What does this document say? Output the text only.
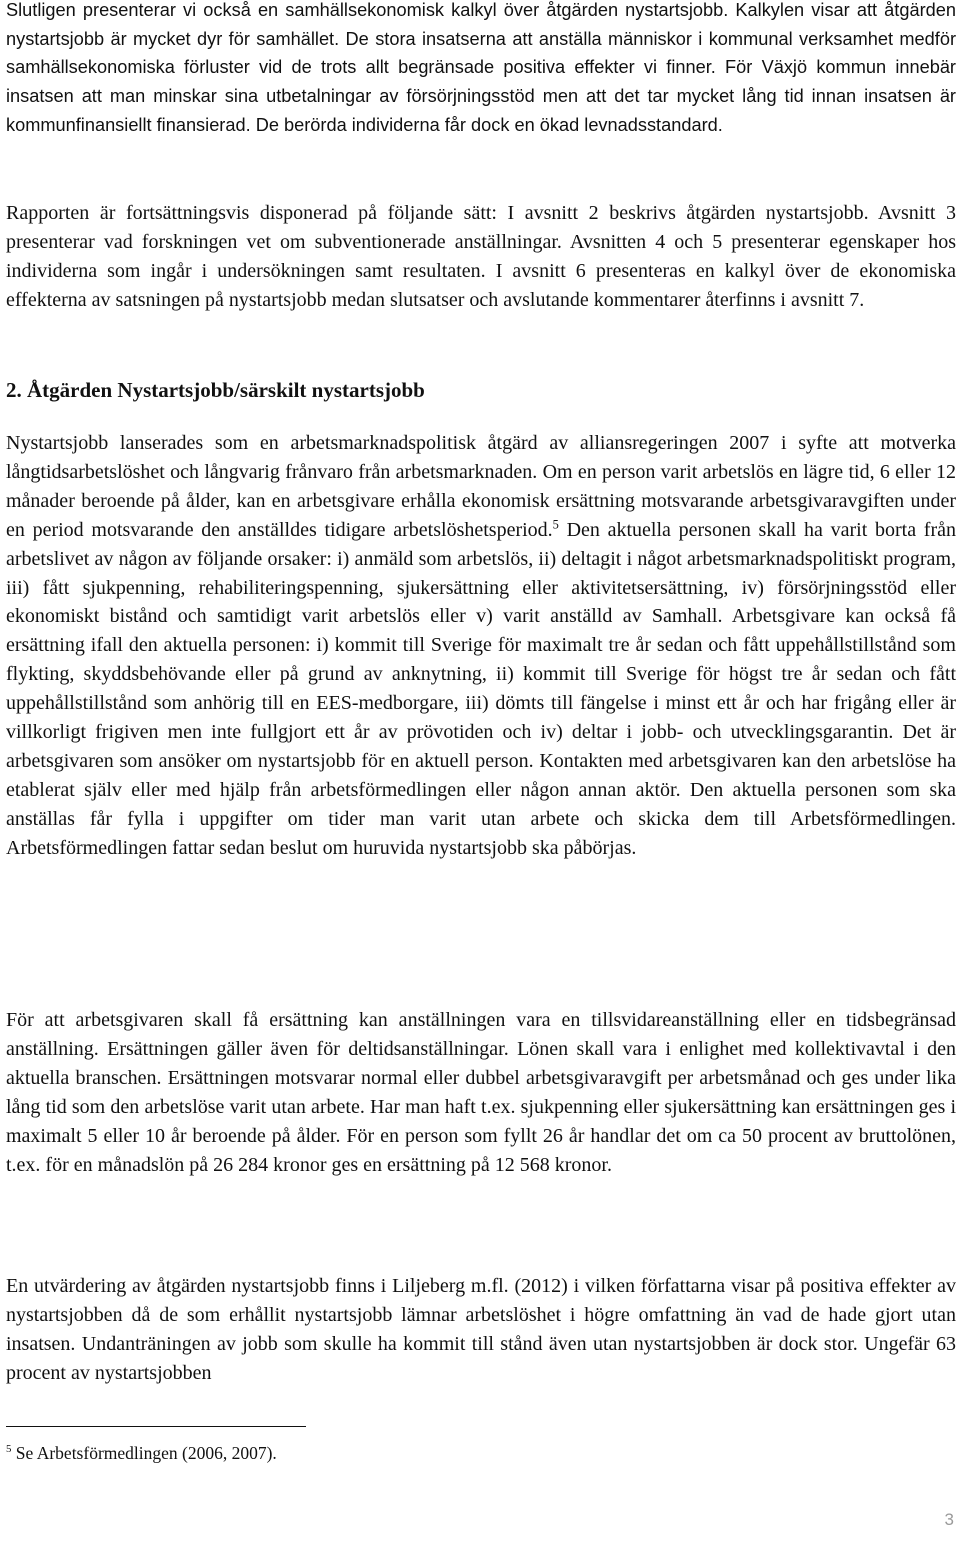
Slutligen presenterar vi också en samhällsekonomisk kalkyl över åtgärden nystartsjobb. Kalkylen visar att åtgärden nystartsjobb är mycket dyr för samhället. De stora insatserna att anställa människor i kommunal verksamhet medför samhällsekonomiska förluster vid de trots allt begränsade positiva effekter vi finner. För Växjö kommun innebär insatsen att man minskar sina utbetalningar av försörjningsstöd men att det tar mycket lång tid innan insatsen är kommunfinansiellt finansierad. De berörda individerna får dock en ökad levnadsstandard.

Rapporten är fortsättningsvis disponerad på följande sätt: I avsnitt 2 beskrivs åtgärden nystartsjobb. Avsnitt 3 presenterar vad forskningen vet om subventionerade anställningar. Avsnitten 4 och 5 presenterar egenskaper hos individerna som ingår i undersökningen samt resultaten. I avsnitt 6 presenteras en kalkyl över de ekonomiska effekterna av satsningen på nystartsjobb medan slutsatser och avslutande kommentarer återfinns i avsnitt 7.

2. Åtgärden Nystartsjobb/särskilt nystartsjobb

Nystartsjobb lanserades som en arbetsmarknadspolitisk åtgärd av alliansregeringen 2007 i syfte att motverka långtidsarbetslöshet och långvarig frånvaro från arbetsmarknaden. Om en person varit arbetslös en lägre tid, 6 eller 12 månader beroende på ålder, kan en arbetsgivare erhålla ekonomisk ersättning motsvarande arbetsgivaravgiften under en period motsvarande den anställdes tidigare arbetslöshetsperiod.$^5$ Den aktuella personen skall ha varit borta från arbetslivet av någon av följande orsaker: i) anmäld som arbetslös, ii) deltagit i något arbetsmarknadspolitiskt program, iii) fått sjukpenning, rehabiliteringspenning, sjukersättning eller aktivitetsersättning, iv) försörjningsstöd eller ekonomiskt bistånd och samtidigt varit arbetslös eller v) varit anställd av Samhall. Arbetsgivare kan också få ersättning ifall den aktuella personen: i) kommit till Sverige för maximalt tre år sedan och fått uppehållstillstånd som flykting, skyddsbehövande eller på grund av anknytning, ii) kommit till Sverige för högst tre år sedan och fått uppehållstillstånd som anhörig till en EES-medborgare, iii) dömts till fängelse i minst ett år och har frigång eller är villkorligt frigiven men inte fullgjort ett år av prövotiden och iv) deltar i jobb- och utvecklingsgarantin. Det är arbetsgivaren som ansöker om nystartsjobb för en aktuell person. Kontakten med arbetsgivaren kan den arbetslöse ha etablerat själv eller med hjälp från arbetsförmedlingen eller någon annan aktör. Den aktuella personen som ska anställas får fylla i uppgifter om tider man varit utan arbete och skicka dem till Arbetsförmedlingen. Arbetsförmedlingen fattar sedan beslut om huruvida nystartsjobb ska påbörjas.

För att arbetsgivaren skall få ersättning kan anställningen vara en tillsvidareanställning eller en tidsbegränsad anställning. Ersättningen gäller även för deltidsanställningar. Lönen skall vara i enlighet med kollektivavtal i den aktuella branschen. Ersättningen motsvarar normal eller dubbel arbetsgivaravgift per arbetsmånad och ges under lika lång tid som den arbetslöse varit utan arbete. Har man haft t.ex. sjukpenning eller sjukersättning kan ersättningen ges i maximalt 5 eller 10 år beroende på ålder. För en person som fyllt 26 år handlar det om ca 50 procent av bruttolönen, t.ex. för en månadslön på 26 284 kronor ges en ersättning på 12 568 kronor.

En utvärdering av åtgärden nystartsjobb finns i Liljeberg m.fl. (2012) i vilken författarna visar på positiva effekter av nystartsjobben då de som erhållit nystartsjobb lämnar arbetslöshet i högre omfattning än vad de hade gjort utan insatsen. Undanträningen av jobb som skulle ha kommit till stånd även utan nystartsjobben är dock stor. Ungefär 63 procent av nystartsjobben

$^5$ Se Arbetsförmedlingen (2006, 2007).

3
